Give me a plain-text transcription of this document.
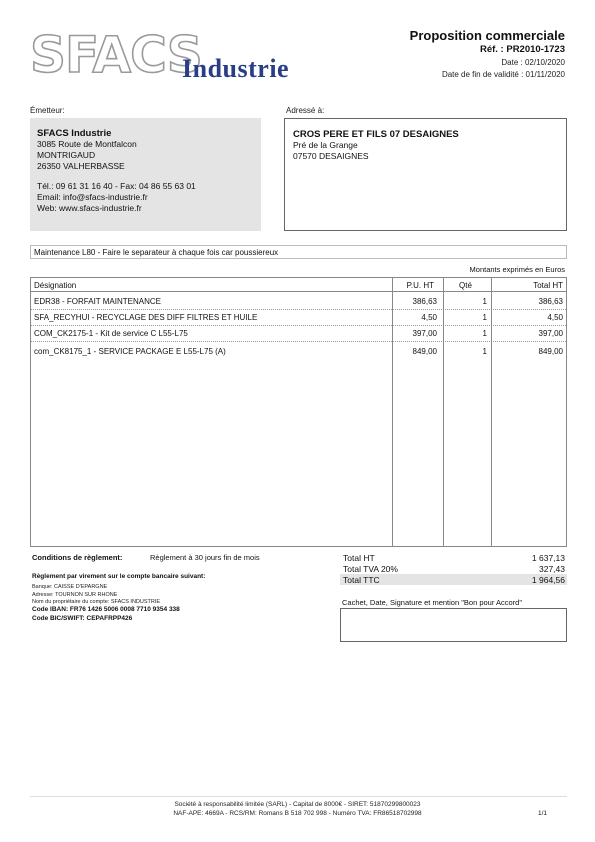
SFACS
Industrie
Proposition commerciale
Réf. : PR2010-1723
Date : 02/10/2020
Date de fin de validité : 01/11/2020
Émetteur:
SFACS Industrie
3085 Route de Montfalcon
MONTRIGAUD
26350 VALHERBASSE
Tél.: 09 61 31 16 40 - Fax: 04 86 55 63 01
Email: info@sfacs-industrie.fr
Web: www.sfacs-industrie.fr
Adressé à:
CROS PERE ET FILS 07 DESAIGNES
Pré de la Grange
07570 DESAIGNES
Maintenance L80 - Faire le separateur à chaque fois car poussiereux
Montants exprimés en Euros
Désignation	P.U. HT	Qté	Total HT
EDR38 - FORFAIT MAINTENANCE	386,63	1	386,63
SFA_RECYHUI - RECYCLAGE DES DIFF FILTRES ET HUILE	4,50	1	4,50
COM_CK2175-1 - Kit de service C L55-L75	397,00	1	397,00
com_CK8175_1 - SERVICE PACKAGE E L55-L75 (A)	849,00	1	849,00
Conditions de règlement:	Règlement à 30 jours fin de mois
Règlement par virement sur le compte bancaire suivant:
Banque: CAISSE D'EPARGNE
Adresse: TOURNON SUR RHONE
Nom du propriétaire du compte: SFACS INDUSTRIE
Code IBAN: FR76 1426 5006 0008 7710 9354 338
Code BIC/SWIFT: CEPAFRPP426
Total HT	1 637,13
Total TVA 20%	327,43
Total TTC	1 964,56
Cachet, Date, Signature et mention "Bon pour Accord"
Société à responsabilité limitée (SARL) - Capital de 8000€ - SIRET: 51870299800023
NAF-APE: 4669A - RCS/RM: Romans B 518 702 998 - Numéro TVA: FR86518702998	1/1
